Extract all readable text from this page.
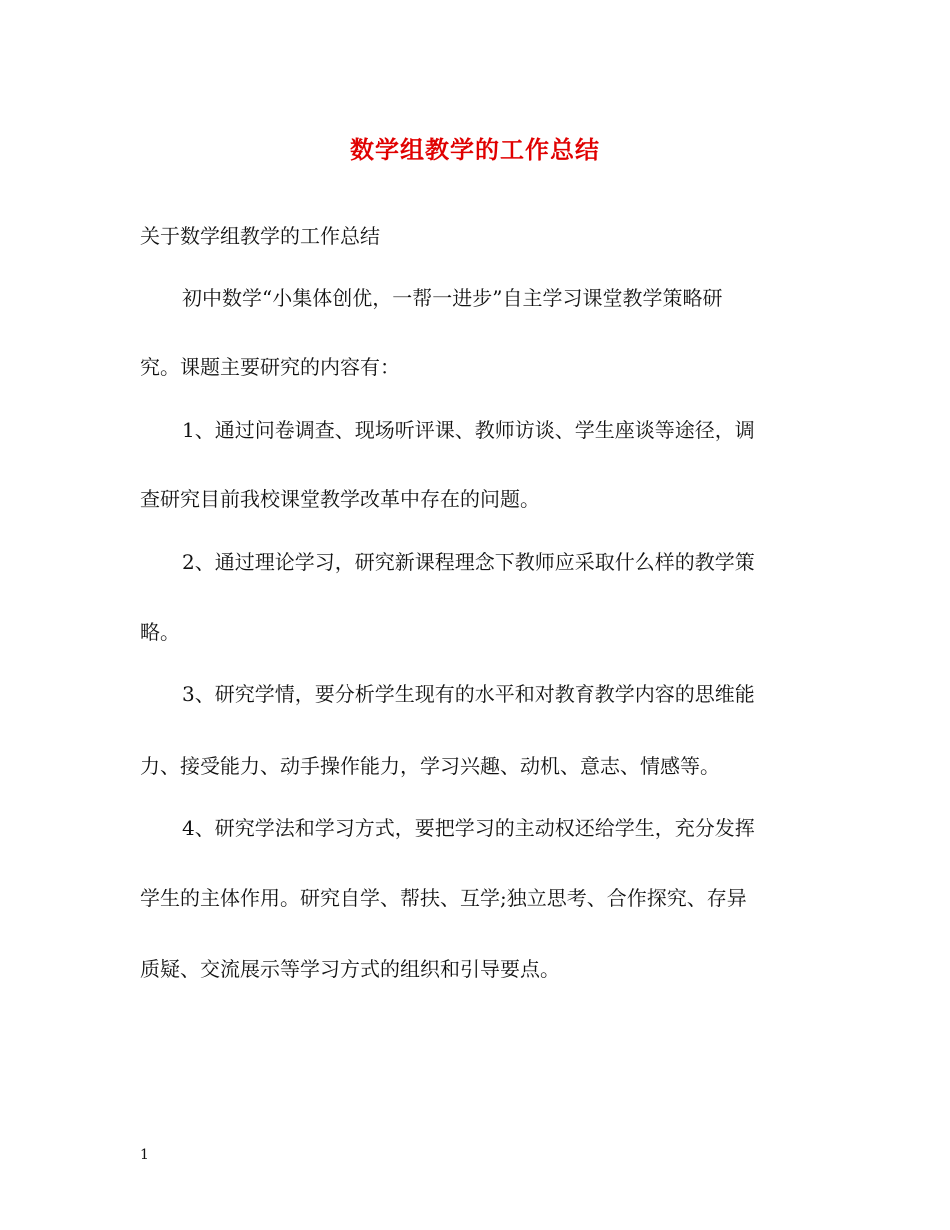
数学组教学的工作总结
关于数学组教学的工作总结
初中数学“小集体创优，一帮一进步”自主学习课堂教学策略研
究。课题主要研究的内容有：
1、通过问卷调查、现场听评课、教师访谈、学生座谈等途径，调
查研究目前我校课堂教学改革中存在的问题。
2、通过理论学习，研究新课程理念下教师应采取什么样的教学策
略。
3、研究学情，要分析学生现有的水平和对教育教学内容的思维能
力、接受能力、动手操作能力，学习兴趣、动机、意志、情感等。
4、研究学法和学习方式，要把学习的主动权还给学生，充分发挥
学生的主体作用。研究自学、帮扶、互学;独立思考、合作探究、存异
质疑、交流展示等学习方式的组织和引导要点。
1
